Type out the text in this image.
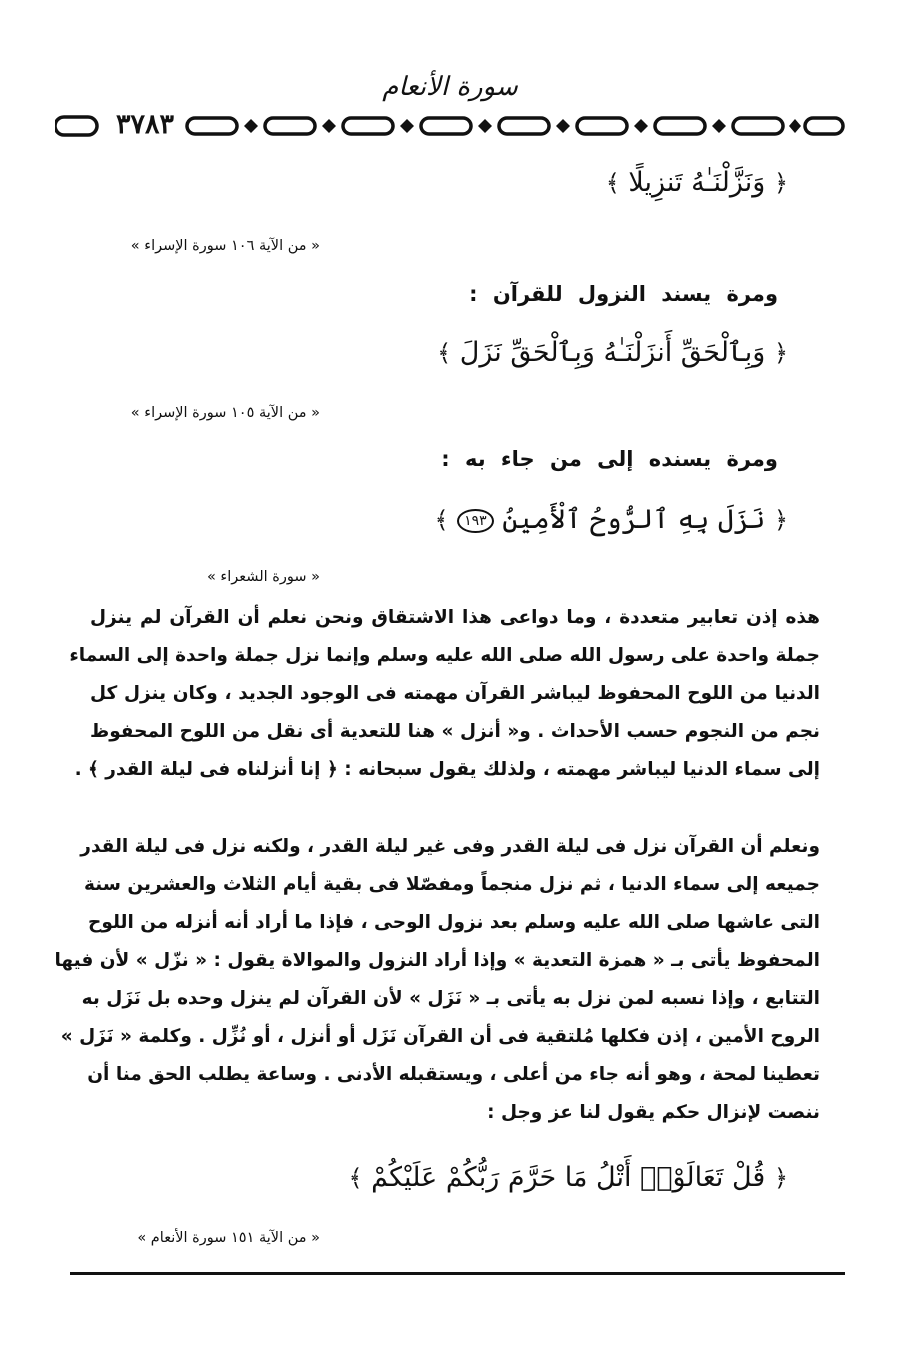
سورة الأنعام
٣٧٨٣
﴿ وَنَزَّلْنَـٰهُ تَنزِيلًا ﴾
« من الآية ١٠٦ سورة الإسراء »
ومرة يسند النزول للقرآن :
﴿ وَبِٱلْحَقِّ أَنزَلْنَـٰهُ وَبِٱلْحَقِّ نَزَلَ ﴾
« من الآية ١٠٥ سورة الإسراء »
ومرة يسنده إلى من جاء به :
﴿ نَزَلَ بِهِ ٱلرُّوحُ ٱلْأَمِينُ ١٩٣ ﴾
« سورة الشعراء »
هذه إذن تعابير متعددة ، وما دواعى هذا الاشتقاق ونحن نعلم أن القرآن لم ينزل
جملة واحدة على رسول الله صلى الله عليه وسلم وإنما نزل جملة واحدة إلى السماء
الدنيا من اللوح المحفوظ ليباشر القرآن مهمته فى الوجود الجديد ، وكان ينزل كل
نجم من النجوم حسب الأحداث . و« أنزل » هنا للتعدية أى نقل من اللوح المحفوظ
إلى سماء الدنيا ليباشر مهمته ، ولذلك يقول سبحانه : ﴿ إنا أنزلناه فى ليلة القدر ﴾ .
ونعلم أن القرآن نزل فى ليلة القدر وفى غير ليلة القدر ، ولكنه نزل فى ليلة القدر
جميعه إلى سماء الدنيا ، ثم نزل منجماً ومفصّلا فى بقية أيام الثلاث والعشرين سنة
التى عاشها صلى الله عليه وسلم بعد نزول الوحى ، فإذا ما أراد أنه أنزله من اللوح
المحفوظ يأتى بـ « همزة التعدية » وإذا أراد النزول والموالاة يقول : « نزّل » لأن فيها
التتابع ، وإذا نسبه لمن نزل به يأتى بـ « نَزَل » لأن القرآن لم ينزل وحده بل نَزَل به
الروح الأمين ، إذن فكلها مُلتقية فى أن القرآن نَزَل أو أنزل ، أو نُزِّل . وكلمة « نَزَل »
تعطينا لمحة ، وهو أنه جاء من أعلى ، ويستقبله الأدنى . وساعة يطلب الحق منا أن
ننصت لإنزال حكم يقول لنا عز وجل :
﴿ قُلْ تَعَالَوْا۟ أَتْلُ مَا حَرَّمَ رَبُّكُمْ عَلَيْكُمْ ﴾
« من الآية ١٥١ سورة الأنعام »
